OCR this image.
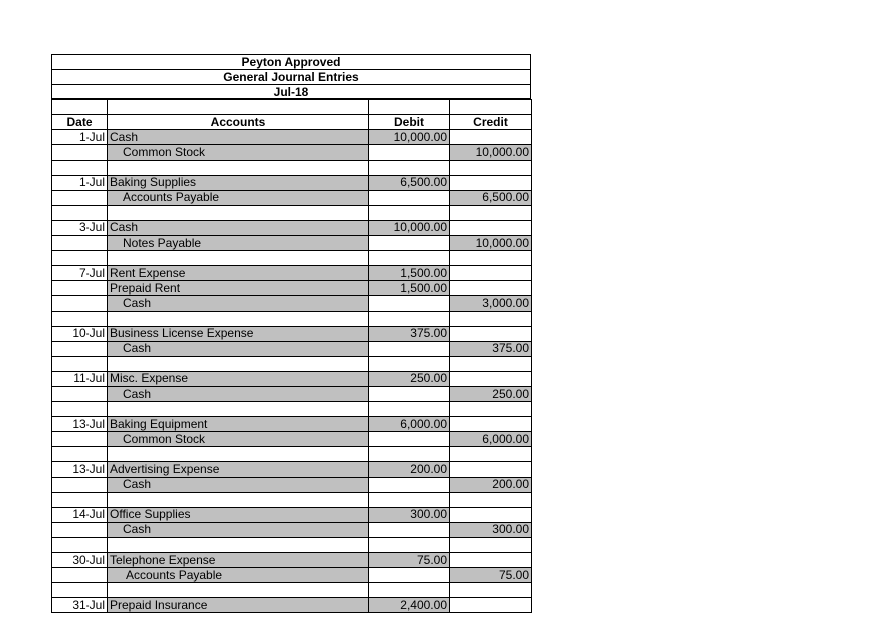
Peyton Approved
General Journal Entries
Jul-18

Date	Accounts	Debit	Credit
1-Jul	Cash	10,000.00	
	Common Stock		10,000.00

1-Jul	Baking Supplies	6,500.00	
	Accounts Payable		6,500.00

3-Jul	Cash	10,000.00	
	Notes Payable		10,000.00

7-Jul	Rent Expense	1,500.00	
	Prepaid Rent	1,500.00	
	Cash		3,000.00

10-Jul	Business License Expense	375.00	
	Cash		375.00

11-Jul	Misc. Expense	250.00	
	Cash		250.00

13-Jul	Baking Equipment	6,000.00	
	Common Stock		6,000.00

13-Jul	Advertising Expense	200.00	
	Cash		200.00

14-Jul	Office Supplies	300.00	
	Cash		300.00

30-Jul	Telephone Expense	75.00	
	Accounts Payable		75.00

31-Jul	Prepaid Insurance	2,400.00	
